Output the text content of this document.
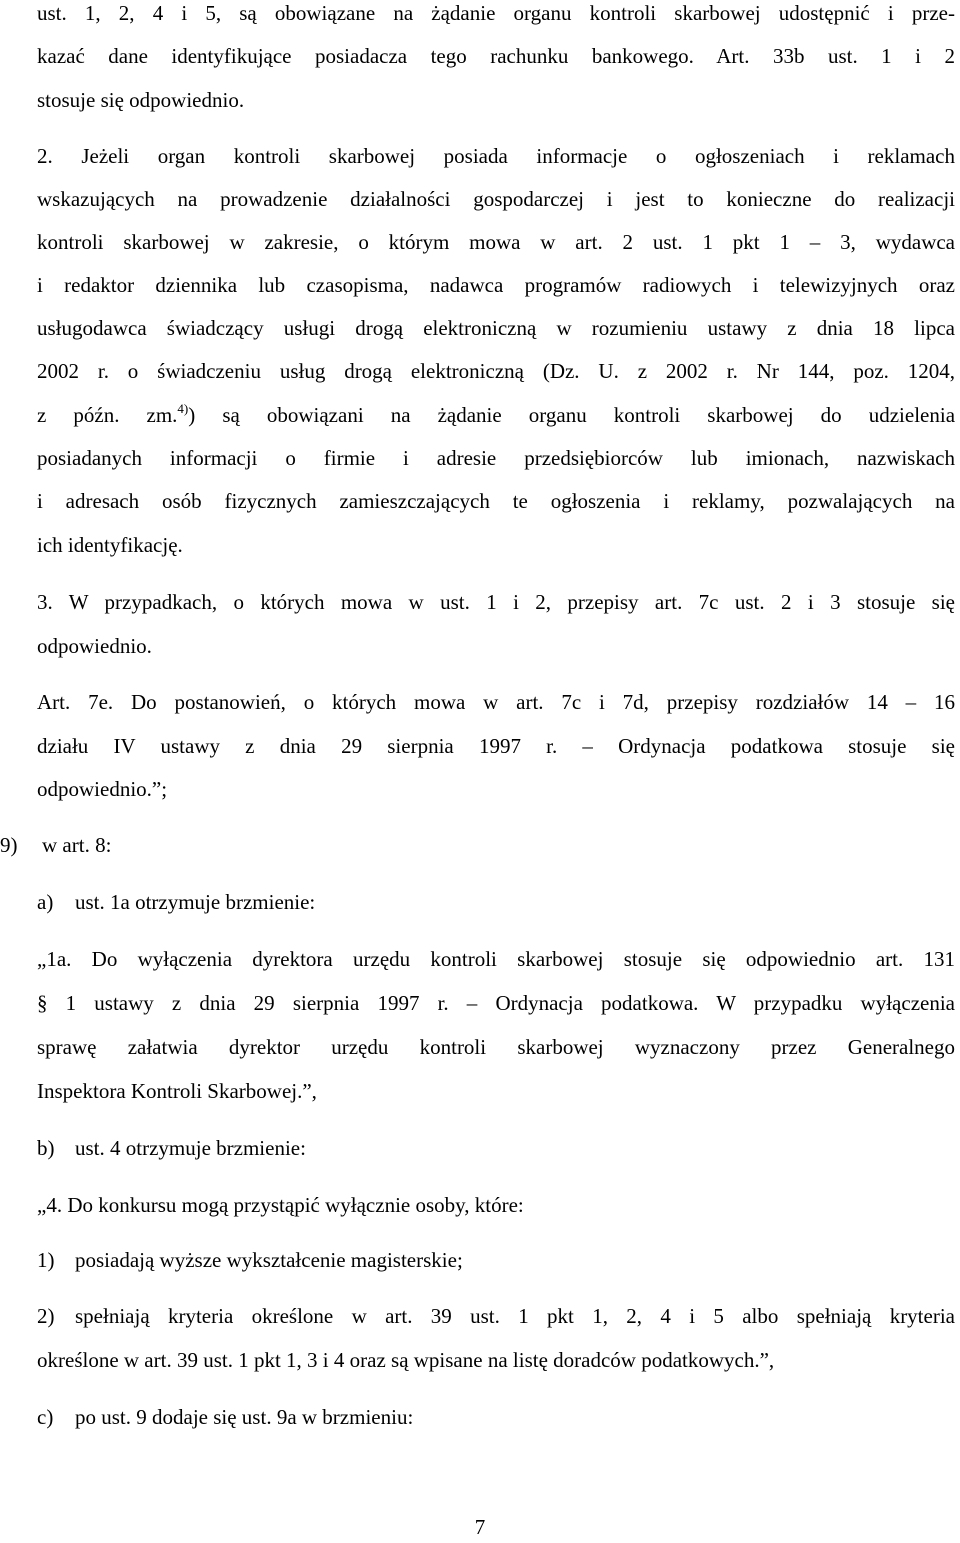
ust. 1, 2, 4 i 5, są obowiązane na żądanie organu kontroli skarbowej udostępnić i prze-
kazać dane identyfikujące posiadacza tego rachunku bankowego. Art. 33b ust. 1 i 2
stosuje się odpowiednio.
2. Jeżeli organ kontroli skarbowej posiada informacje o ogłoszeniach i reklamach
wskazujących na prowadzenie działalności gospodarczej i jest to konieczne do realizacji
kontroli skarbowej w zakresie, o którym mowa w art. 2 ust. 1 pkt 1 – 3, wydawca
i redaktor dziennika lub czasopisma, nadawca programów radiowych i telewizyjnych oraz
usługodawca świadczący usługi drogą elektroniczną w rozumieniu ustawy z dnia 18 lipca
2002 r. o świadczeniu usług drogą elektroniczną (Dz. U. z 2002 r. Nr 144, poz. 1204,
z późn. zm.$^{4)}$) są obowiązani na żądanie organu kontroli skarbowej do udzielenia
posiadanych informacji o firmie i adresie przedsiębiorców lub imionach, nazwiskach
i adresach osób fizycznych zamieszczających te ogłoszenia i reklamy, pozwalających na
ich identyfikację.
3. W przypadkach, o których mowa w ust. 1 i 2, przepisy art. 7c ust. 2 i 3 stosuje się
odpowiednio.
Art. 7e. Do postanowień, o których mowa w art. 7c i 7d, przepisy rozdziałów 14 – 16
działu IV ustawy z dnia 29 sierpnia 1997 r. – Ordynacja podatkowa stosuje się
odpowiednio.”;
9) w art. 8:
a) ust. 1a otrzymuje brzmienie:
„1a. Do wyłączenia dyrektora urzędu kontroli skarbowej stosuje się odpowiednio art. 131
§ 1 ustawy z dnia 29 sierpnia 1997 r. – Ordynacja podatkowa. W przypadku wyłączenia
sprawę załatwia dyrektor urzędu kontroli skarbowej wyznaczony przez Generalnego
Inspektora Kontroli Skarbowej.”,
b) ust. 4 otrzymuje brzmienie:
„4. Do konkursu mogą przystąpić wyłącznie osoby, które:
1) posiadają wyższe wykształcenie magisterskie;
2) spełniają kryteria określone w art. 39 ust. 1 pkt 1, 2, 4 i 5 albo spełniają kryteria
określone w art. 39 ust. 1 pkt 1, 3 i 4 oraz są wpisane na listę doradców podatkowych.”,
c) po ust. 9 dodaje się ust. 9a w brzmieniu:
7
